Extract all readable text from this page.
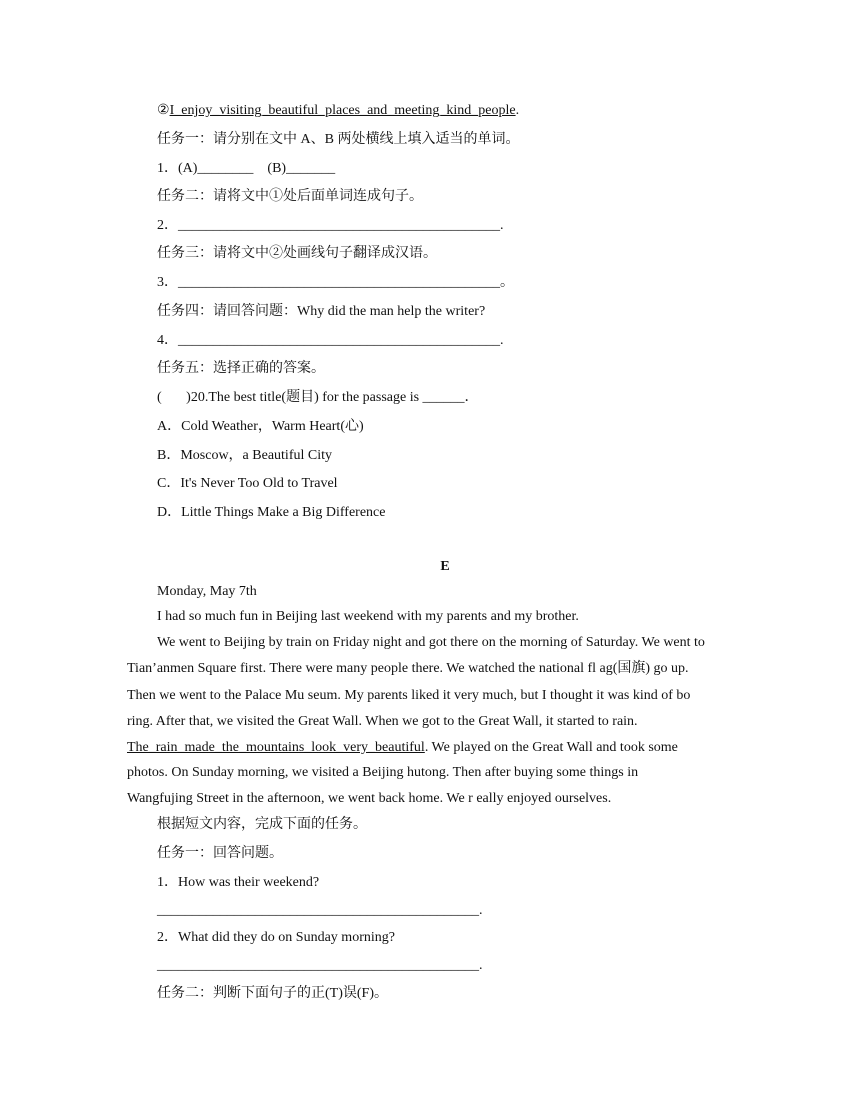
②I_enjoy_visiting_beautiful_places_and_meeting_kind_people.
任务一：请分别在文中 A、B 两处横线上填入适当的单词。
1．(A)________    (B)_______
任务二：请将文中①处后面单词连成句子。
2．______________________________________________.
任务三：请将文中②处画线句子翻译成汉语。
3．______________________________________________。
任务四：请回答问题：Why did the man help the writer?
4．______________________________________________.
任务五：选择正确的答案。
(       )20.The best title(题目) for the passage is ______．
A．Cold Weather，Warm Heart(心)
B．Moscow，a Beautiful City
C．It's Never Too Old to Travel
D．Little Things Make a Big Difference
E
Monday, May 7th
I had so much fun in Beijing last weekend with my parents and my brother.
We went to Beijing by train on Friday night and got there on the morning of Saturday. We went to
Tian’anmen Square first. There were many people there. We watched the national fl ag(国旗) go up.
Then we went to the Palace Mu seum. My parents liked it very much, but I thought it was kind of bo
ring. After that, we visited the Great Wall. When we got to the Great Wall, it started to rain.
The_rain_made_the_mountains_look_very_beautiful. We played on the Great Wall and took some
photos. On Sunday morning, we visited a Beijing hutong. Then after buying some things in
Wangfujing Street in the afternoon, we went back home. We r eally enjoyed ourselves.
根据短文内容，完成下面的任务。
任务一：回答问题。
1．How was their weekend?
______________________________________________.
2．What did they do on Sunday morning?
______________________________________________.
任务二：判断下面句子的正(T)误(F)。
